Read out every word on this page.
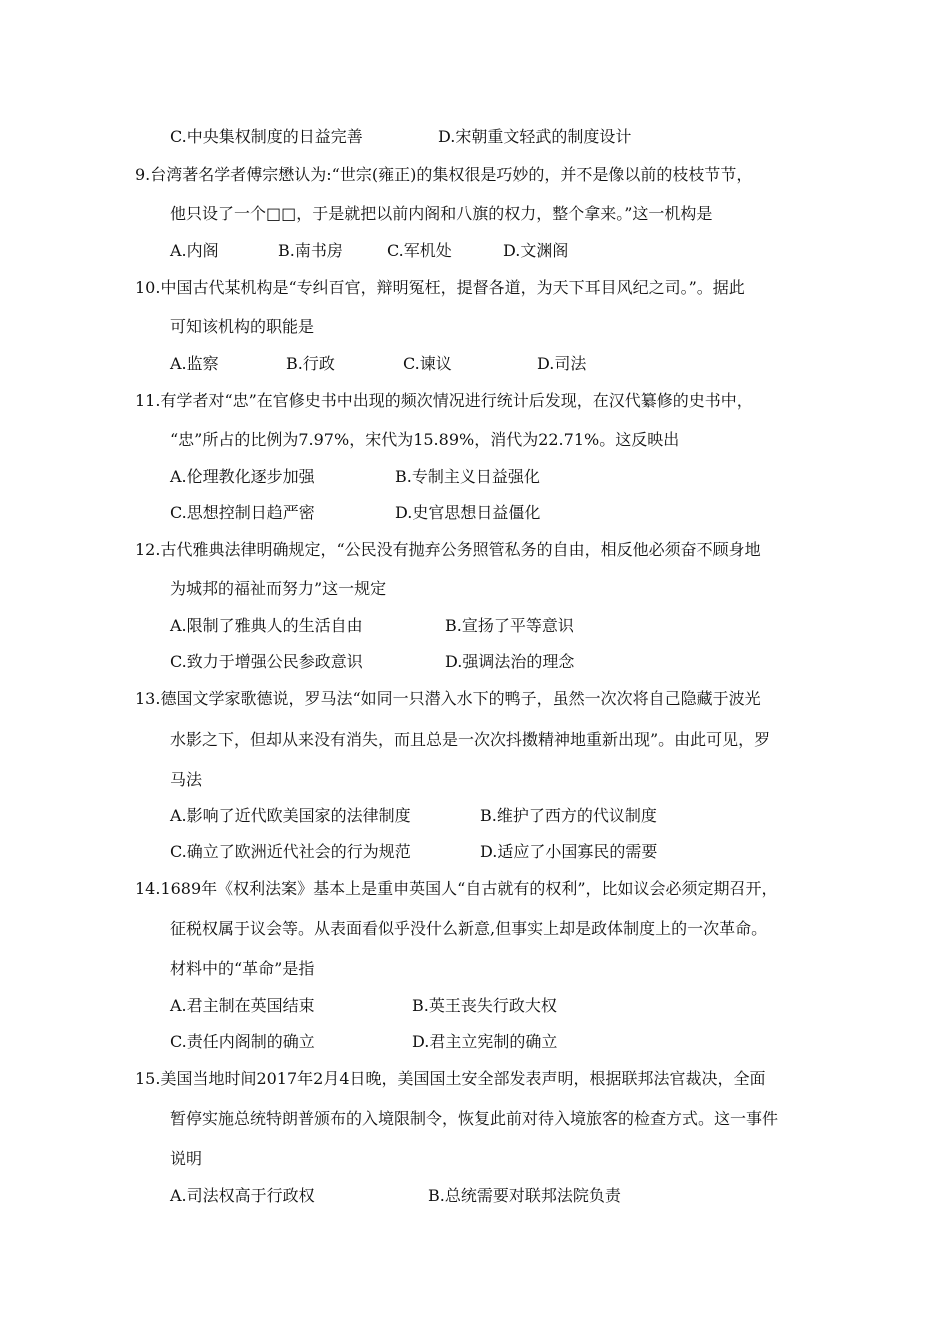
C.中央集权制度的日益完善	D.宋朝重文轻武的制度设计
9.台湾著名学者傅宗懋认为:“世宗(雍正)的集权很是巧妙的，并不是像以前的枝枝节节，
他只设了一个□□，于是就把以前内阁和八旗的权力，整个拿来。”这一机构是
A.内阁	B.南书房	C.军机处	D.文渊阁
10.中国古代某机构是“专纠百官，辩明冤枉，提督各道，为天下耳目风纪之司。”。据此
可知该机构的职能是
A.监察	B.行政	C.谏议	D.司法
11.有学者对“忠”在官修史书中出现的频次情况进行统计后发现，在汉代纂修的史书中，
“忠”所占的比例为7.97%，宋代为15.89%，消代为22.71%。这反映出
A.伦理教化逐步加强	B.专制主义日益强化
C.思想控制日趋严密	D.史官思想日益僵化
12.古代雅典法律明确规定，“公民没有抛弃公务照管私务的自由，相反他必须奋不顾身地
为城邦的福祉而努力”这一规定
A.限制了雅典人的生活自由	B.宣扬了平等意识
C.致力于增强公民参政意识	D.强调法治的理念
13.德国文学家歌德说，罗马法“如同一只潜入水下的鸭子，虽然一次次将自己隐藏于波光
水影之下，但却从来没有消失，而且总是一次次抖擞精神地重新出现”。由此可见，罗
马法
A.影响了近代欧美国家的法律制度	B.维护了西方的代议制度
C.确立了欧洲近代社会的行为规范	D.适应了小国寡民的需要
14.1689年《权利法案》基本上是重申英国人“自古就有的权利”，比如议会必须定期召开，
征税权属于议会等。从表面看似乎没什么新意,但事实上却是政体制度上的一次革命。
材料中的“革命”是指
A.君主制在英国结束	B.英王丧失行政大权
C.责任内阁制的确立	D.君主立宪制的确立
15.美国当地时间2017年2月4日晚，美国国土安全部发表声明，根据联邦法官裁决，全面
暂停实施总统特朗普颁布的入境限制令，恢复此前对待入境旅客的检查方式。这一事件
说明
A.司法权高于行政权	B.总统需要对联邦法院负责
